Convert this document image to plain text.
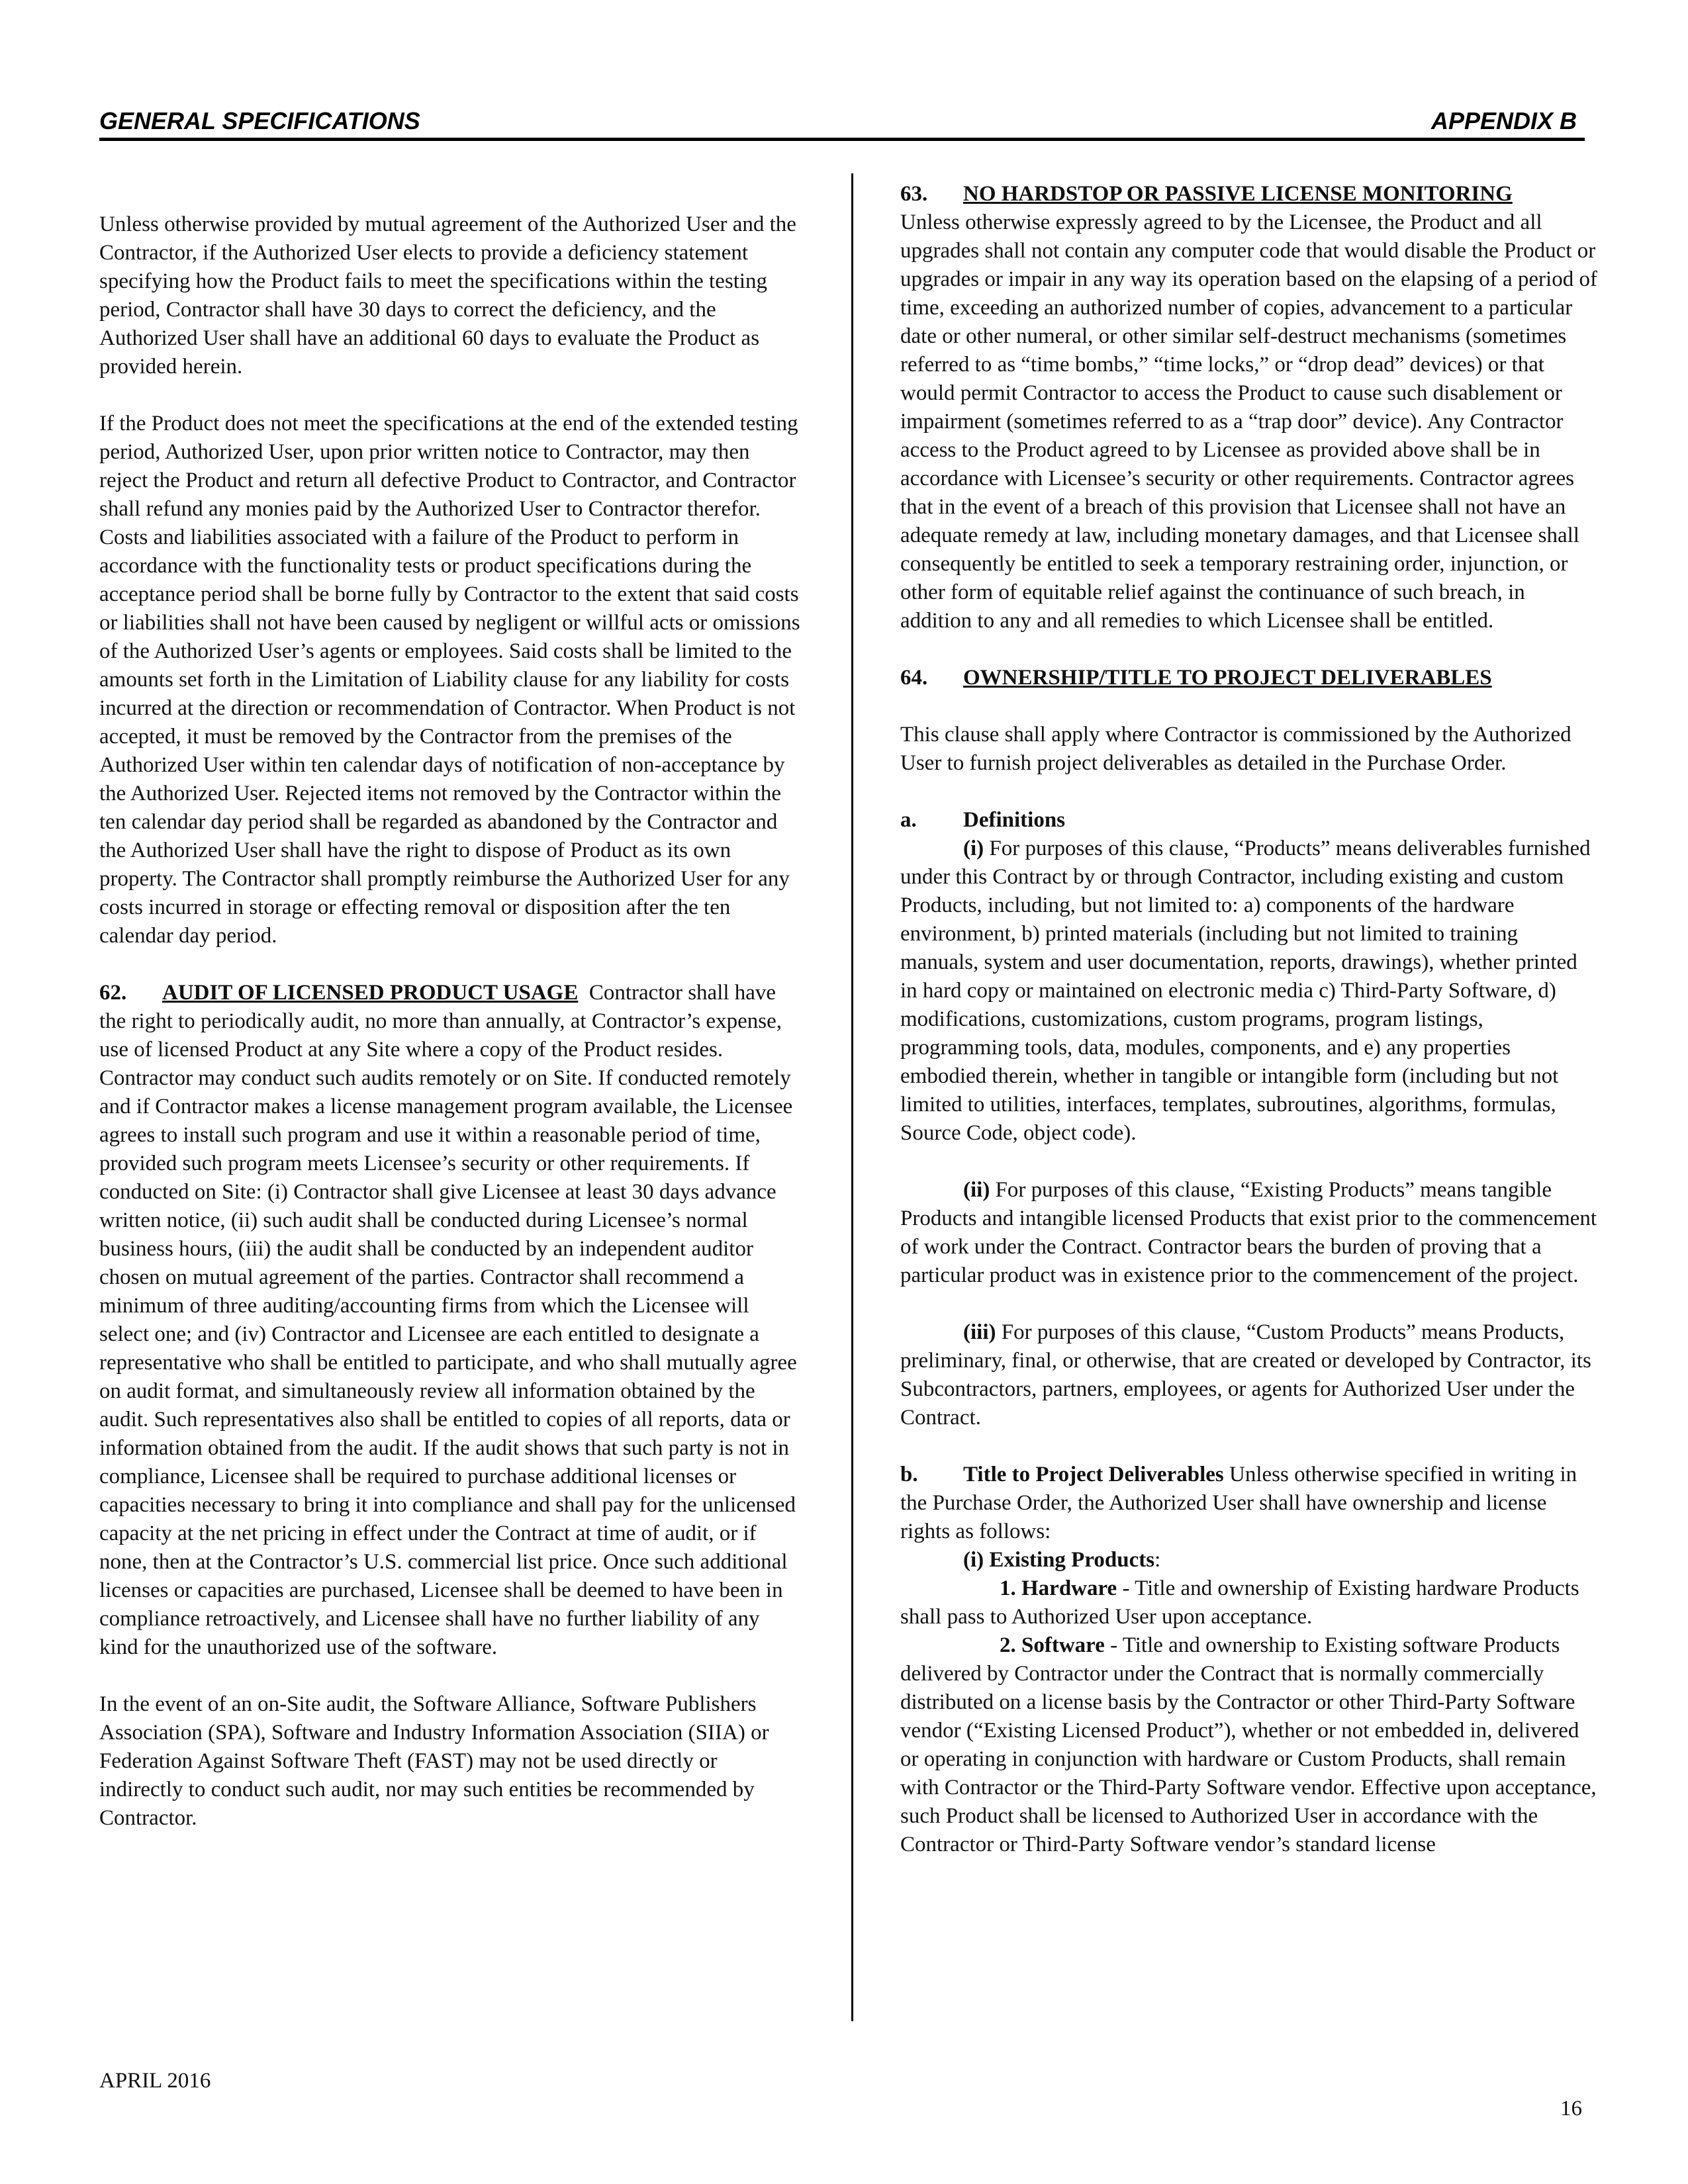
GENERAL SPECIFICATIONS	APPENDIX B

Unless otherwise provided by mutual agreement of the Authorized User and the Contractor, if the Authorized User elects to provide a deficiency statement specifying how the Product fails to meet the specifications within the testing period, Contractor shall have 30 days to correct the deficiency, and the Authorized User shall have an additional 60 days to evaluate the Product as provided herein.

If the Product does not meet the specifications at the end of the extended testing period, Authorized User, upon prior written notice to Contractor, may then reject the Product and return all defective Product to Contractor, and Contractor shall refund any monies paid by the Authorized User to Contractor therefor. Costs and liabilities associated with a failure of the Product to perform in accordance with the functionality tests or product specifications during the acceptance period shall be borne fully by Contractor to the extent that said costs or liabilities shall not have been caused by negligent or willful acts or omissions of the Authorized User’s agents or employees. Said costs shall be limited to the amounts set forth in the Limitation of Liability clause for any liability for costs incurred at the direction or recommendation of Contractor. When Product is not accepted, it must be removed by the Contractor from the premises of the Authorized User within ten calendar days of notification of non-acceptance by the Authorized User. Rejected items not removed by the Contractor within the ten calendar day period shall be regarded as abandoned by the Contractor and the Authorized User shall have the right to dispose of Product as its own property. The Contractor shall promptly reimburse the Authorized User for any costs incurred in storage or effecting removal or disposition after the ten calendar day period.

62. AUDIT OF LICENSED PRODUCT USAGE Contractor shall have the right to periodically audit, no more than annually, at Contractor’s expense, use of licensed Product at any Site where a copy of the Product resides. Contractor may conduct such audits remotely or on Site. If conducted remotely and if Contractor makes a license management program available, the Licensee agrees to install such program and use it within a reasonable period of time, provided such program meets Licensee’s security or other requirements. If conducted on Site: (i) Contractor shall give Licensee at least 30 days advance written notice, (ii) such audit shall be conducted during Licensee’s normal business hours, (iii) the audit shall be conducted by an independent auditor chosen on mutual agreement of the parties. Contractor shall recommend a minimum of three auditing/accounting firms from which the Licensee will select one; and (iv) Contractor and Licensee are each entitled to designate a representative who shall be entitled to participate, and who shall mutually agree on audit format, and simultaneously review all information obtained by the audit. Such representatives also shall be entitled to copies of all reports, data or information obtained from the audit. If the audit shows that such party is not in compliance, Licensee shall be required to purchase additional licenses or capacities necessary to bring it into compliance and shall pay for the unlicensed capacity at the net pricing in effect under the Contract at time of audit, or if none, then at the Contractor’s U.S. commercial list price. Once such additional licenses or capacities are purchased, Licensee shall be deemed to have been in compliance retroactively, and Licensee shall have no further liability of any kind for the unauthorized use of the software.

In the event of an on-Site audit, the Software Alliance, Software Publishers Association (SPA), Software and Industry Information Association (SIIA) or Federation Against Software Theft (FAST) may not be used directly or indirectly to conduct such audit, nor may such entities be recommended by Contractor.

63. NO HARDSTOP OR PASSIVE LICENSE MONITORING

Unless otherwise expressly agreed to by the Licensee, the Product and all upgrades shall not contain any computer code that would disable the Product or upgrades or impair in any way its operation based on the elapsing of a period of time, exceeding an authorized number of copies, advancement to a particular date or other numeral, or other similar self-destruct mechanisms (sometimes referred to as “time bombs,” “time locks,” or “drop dead” devices) or that would permit Contractor to access the Product to cause such disablement or impairment (sometimes referred to as a “trap door” device). Any Contractor access to the Product agreed to by Licensee as provided above shall be in accordance with Licensee’s security or other requirements. Contractor agrees that in the event of a breach of this provision that Licensee shall not have an adequate remedy at law, including monetary damages, and that Licensee shall consequently be entitled to seek a temporary restraining order, injunction, or other form of equitable relief against the continuance of such breach, in addition to any and all remedies to which Licensee shall be entitled.

64. OWNERSHIP/TITLE TO PROJECT DELIVERABLES

This clause shall apply where Contractor is commissioned by the Authorized User to furnish project deliverables as detailed in the Purchase Order.

a. Definitions

(i) For purposes of this clause, “Products” means deliverables furnished under this Contract by or through Contractor, including existing and custom Products, including, but not limited to: a) components of the hardware environment, b) printed materials (including but not limited to training manuals, system and user documentation, reports, drawings), whether printed in hard copy or maintained on electronic media c) Third-Party Software, d) modifications, customizations, custom programs, program listings, programming tools, data, modules, components, and e) any properties embodied therein, whether in tangible or intangible form (including but not limited to utilities, interfaces, templates, subroutines, algorithms, formulas, Source Code, object code).

(ii) For purposes of this clause, “Existing Products” means tangible Products and intangible licensed Products that exist prior to the commencement of work under the Contract. Contractor bears the burden of proving that a particular product was in existence prior to the commencement of the project.

(iii) For purposes of this clause, “Custom Products” means Products, preliminary, final, or otherwise, that are created or developed by Contractor, its Subcontractors, partners, employees, or agents for Authorized User under the Contract.

b. Title to Project Deliverables Unless otherwise specified in writing in the Purchase Order, the Authorized User shall have ownership and license rights as follows:
(i) Existing Products:
1. Hardware - Title and ownership of Existing hardware Products shall pass to Authorized User upon acceptance.
2. Software - Title and ownership to Existing software Products delivered by Contractor under the Contract that is normally commercially distributed on a license basis by the Contractor or other Third-Party Software vendor (“Existing Licensed Product”), whether or not embedded in, delivered or operating in conjunction with hardware or Custom Products, shall remain with Contractor or the Third-Party Software vendor. Effective upon acceptance, such Product shall be licensed to Authorized User in accordance with the Contractor or Third-Party Software vendor’s standard license
APRIL 2016
16
